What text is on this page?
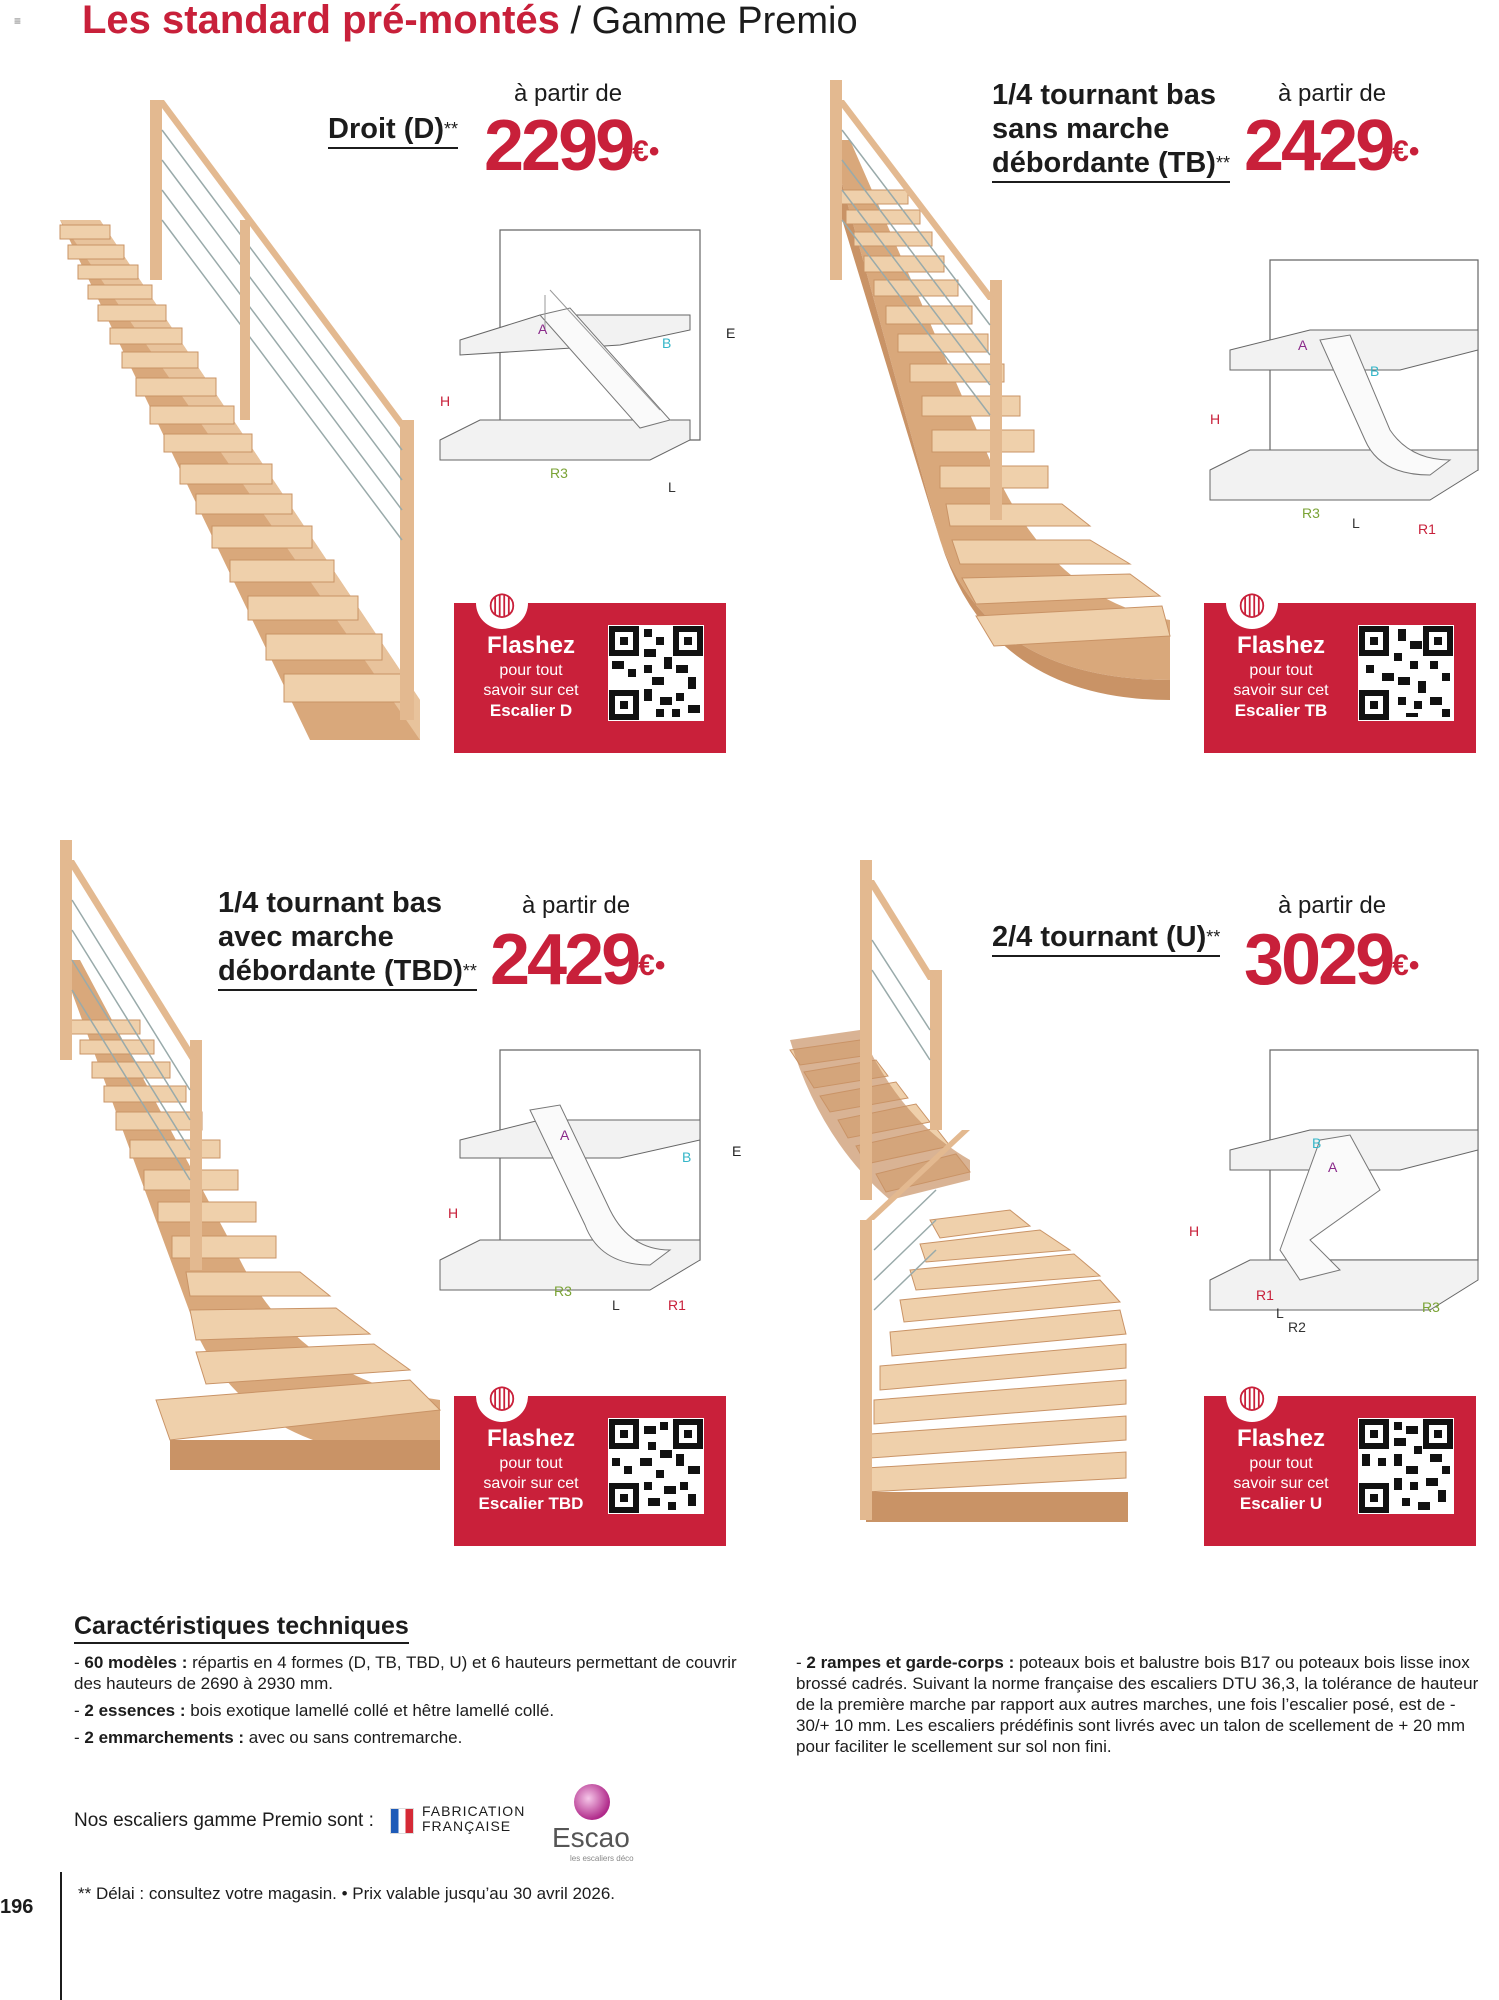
≡ Les standard pré-montés / Gamme Premio
Droit (D)**
à partir de
2299€•
A
B
E
H
R3
L
◍
Flashez
pour tout
savoir sur cet
Escalier D
1/4 tournant bas
sans marche
débordante (TB)**
à partir de
2429€•
A
B
H
R3
L	R1
◍
Flashez
pour tout
savoir sur cet
Escalier TB
1/4 tournant bas
avec marche
débordante (TBD)**
à partir de
2429€•
A
B	E
H
R3
L	R1
◍
Flashez
pour tout
savoir sur cet
Escalier TBD
2/4 tournant (U)**
à partir de
3029€•
B
A
H
R1
L
R2
R3
◍
Flashez
pour tout
savoir sur cet
Escalier U
Caractéristiques techniques
- 60 modèles : répartis en 4 formes (D, TB, TBD, U) et 6 hauteurs permettant de couvrir des hauteurs de 2690 à 2930 mm.
- 2 essences : bois exotique lamellé collé et hêtre lamellé collé.
- 2 emmarchements : avec ou sans contremarche.
- 2 rampes et garde-corps : poteaux bois et balustre bois B17 ou poteaux bois lisse inox brossé cadrés. Suivant la norme française des escaliers DTU 36,3, la tolérance de hauteur de la première marche par rapport aux autres marches, une fois l’escalier posé, est de - 30/+ 10 mm. Les escaliers prédéfinis sont livrés avec un talon de scellement de + 20 mm pour faciliter le scellement sur sol non fini.
Nos escaliers gamme Premio sont :	FABRICATION
FRANÇAISE	Escao
les escaliers déco
196
** Délai : consultez votre magasin. • Prix valable jusqu’au 30 avril 2026.
